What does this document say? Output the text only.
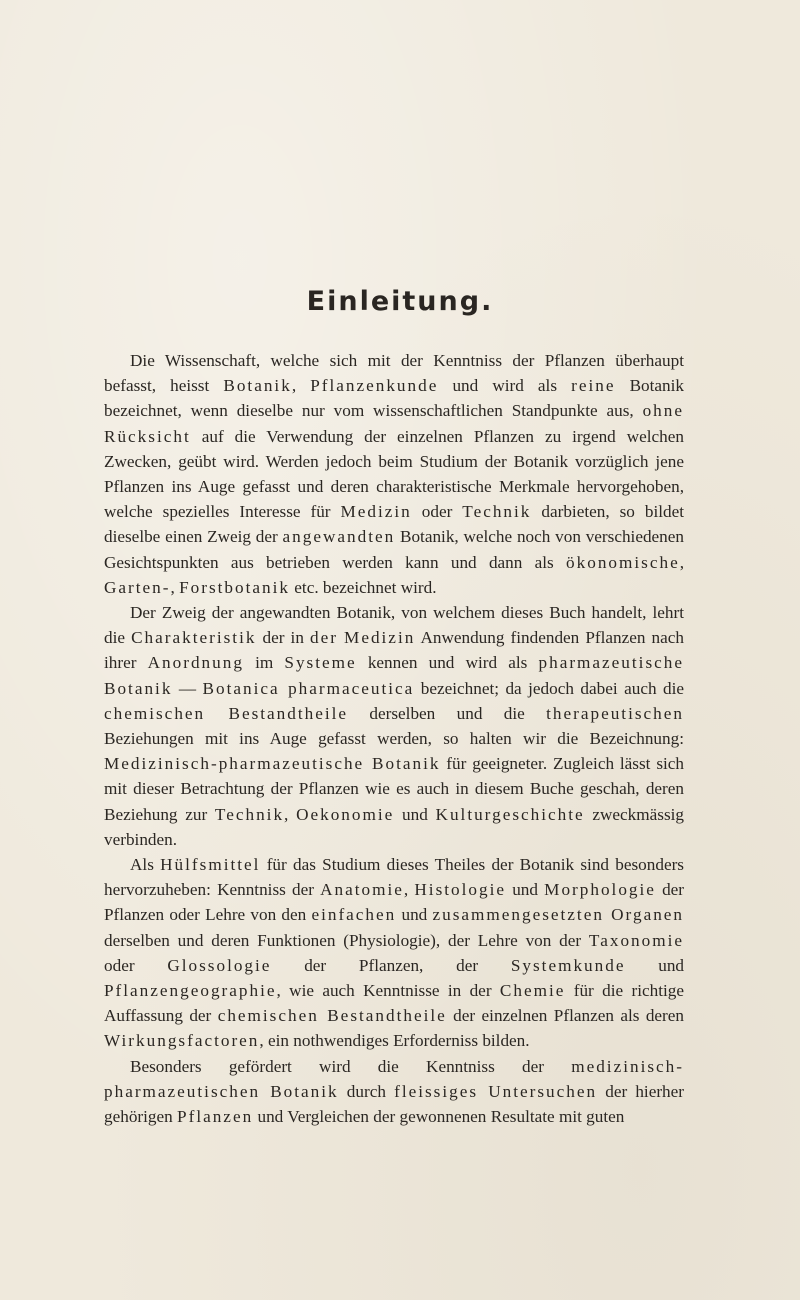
Einleitung.

Die Wissenschaft, welche sich mit der Kenntniss der Pflanzen überhaupt befasst, heisst Botanik, Pflanzenkunde und wird als reine Botanik bezeichnet, wenn dieselbe nur vom wissenschaftlichen Standpunkte aus, ohne Rücksicht auf die Verwendung der einzelnen Pflanzen zu irgend welchen Zwecken, geübt wird. Werden jedoch beim Studium der Botanik vorzüglich jene Pflanzen ins Auge gefasst und deren charakteristische Merkmale hervorgehoben, welche spezielles Interesse für Medizin oder Technik darbieten, so bildet dieselbe einen Zweig der angewandten Botanik, welche noch von verschiedenen Gesichtspunkten aus betrieben werden kann und dann als ökonomische, Garten-, Forstbotanik etc. bezeichnet wird.

Der Zweig der angewandten Botanik, von welchem dieses Buch handelt, lehrt die Charakteristik der in der Medizin Anwendung findenden Pflanzen nach ihrer Anordnung im Systeme kennen und wird als pharmazeutische Botanik — Botanica pharmaceutica bezeichnet; da jedoch dabei auch die chemischen Bestandtheile derselben und die therapeutischen Beziehungen mit ins Auge gefasst werden, so halten wir die Bezeichnung: Medizinisch-pharmazeutische Botanik für geeigneter. Zugleich lässt sich mit dieser Betrachtung der Pflanzen wie es auch in diesem Buche geschah, deren Beziehung zur Technik, Oekonomie und Kulturgeschichte zweckmässig verbinden.

Als Hülfsmittel für das Studium dieses Theiles der Botanik sind besonders hervorzuheben: Kenntniss der Anatomie, Histologie und Morphologie der Pflanzen oder Lehre von den einfachen und zusammengesetzten Organen derselben und deren Funktionen (Physiologie), der Lehre von der Taxonomie oder Glossologie der Pflanzen, der Systemkunde und Pflanzengeographie, wie auch Kenntnisse in der Chemie für die richtige Auffassung der chemischen Bestandtheile der einzelnen Pflanzen als deren Wirkungsfactoren, ein nothwendiges Erforderniss bilden.

Besonders gefördert wird die Kenntniss der medizinisch-pharmazeutischen Botanik durch fleissiges Untersuchen der hierher gehörigen Pflanzen und Vergleichen der gewonnenen Resultate mit guten
